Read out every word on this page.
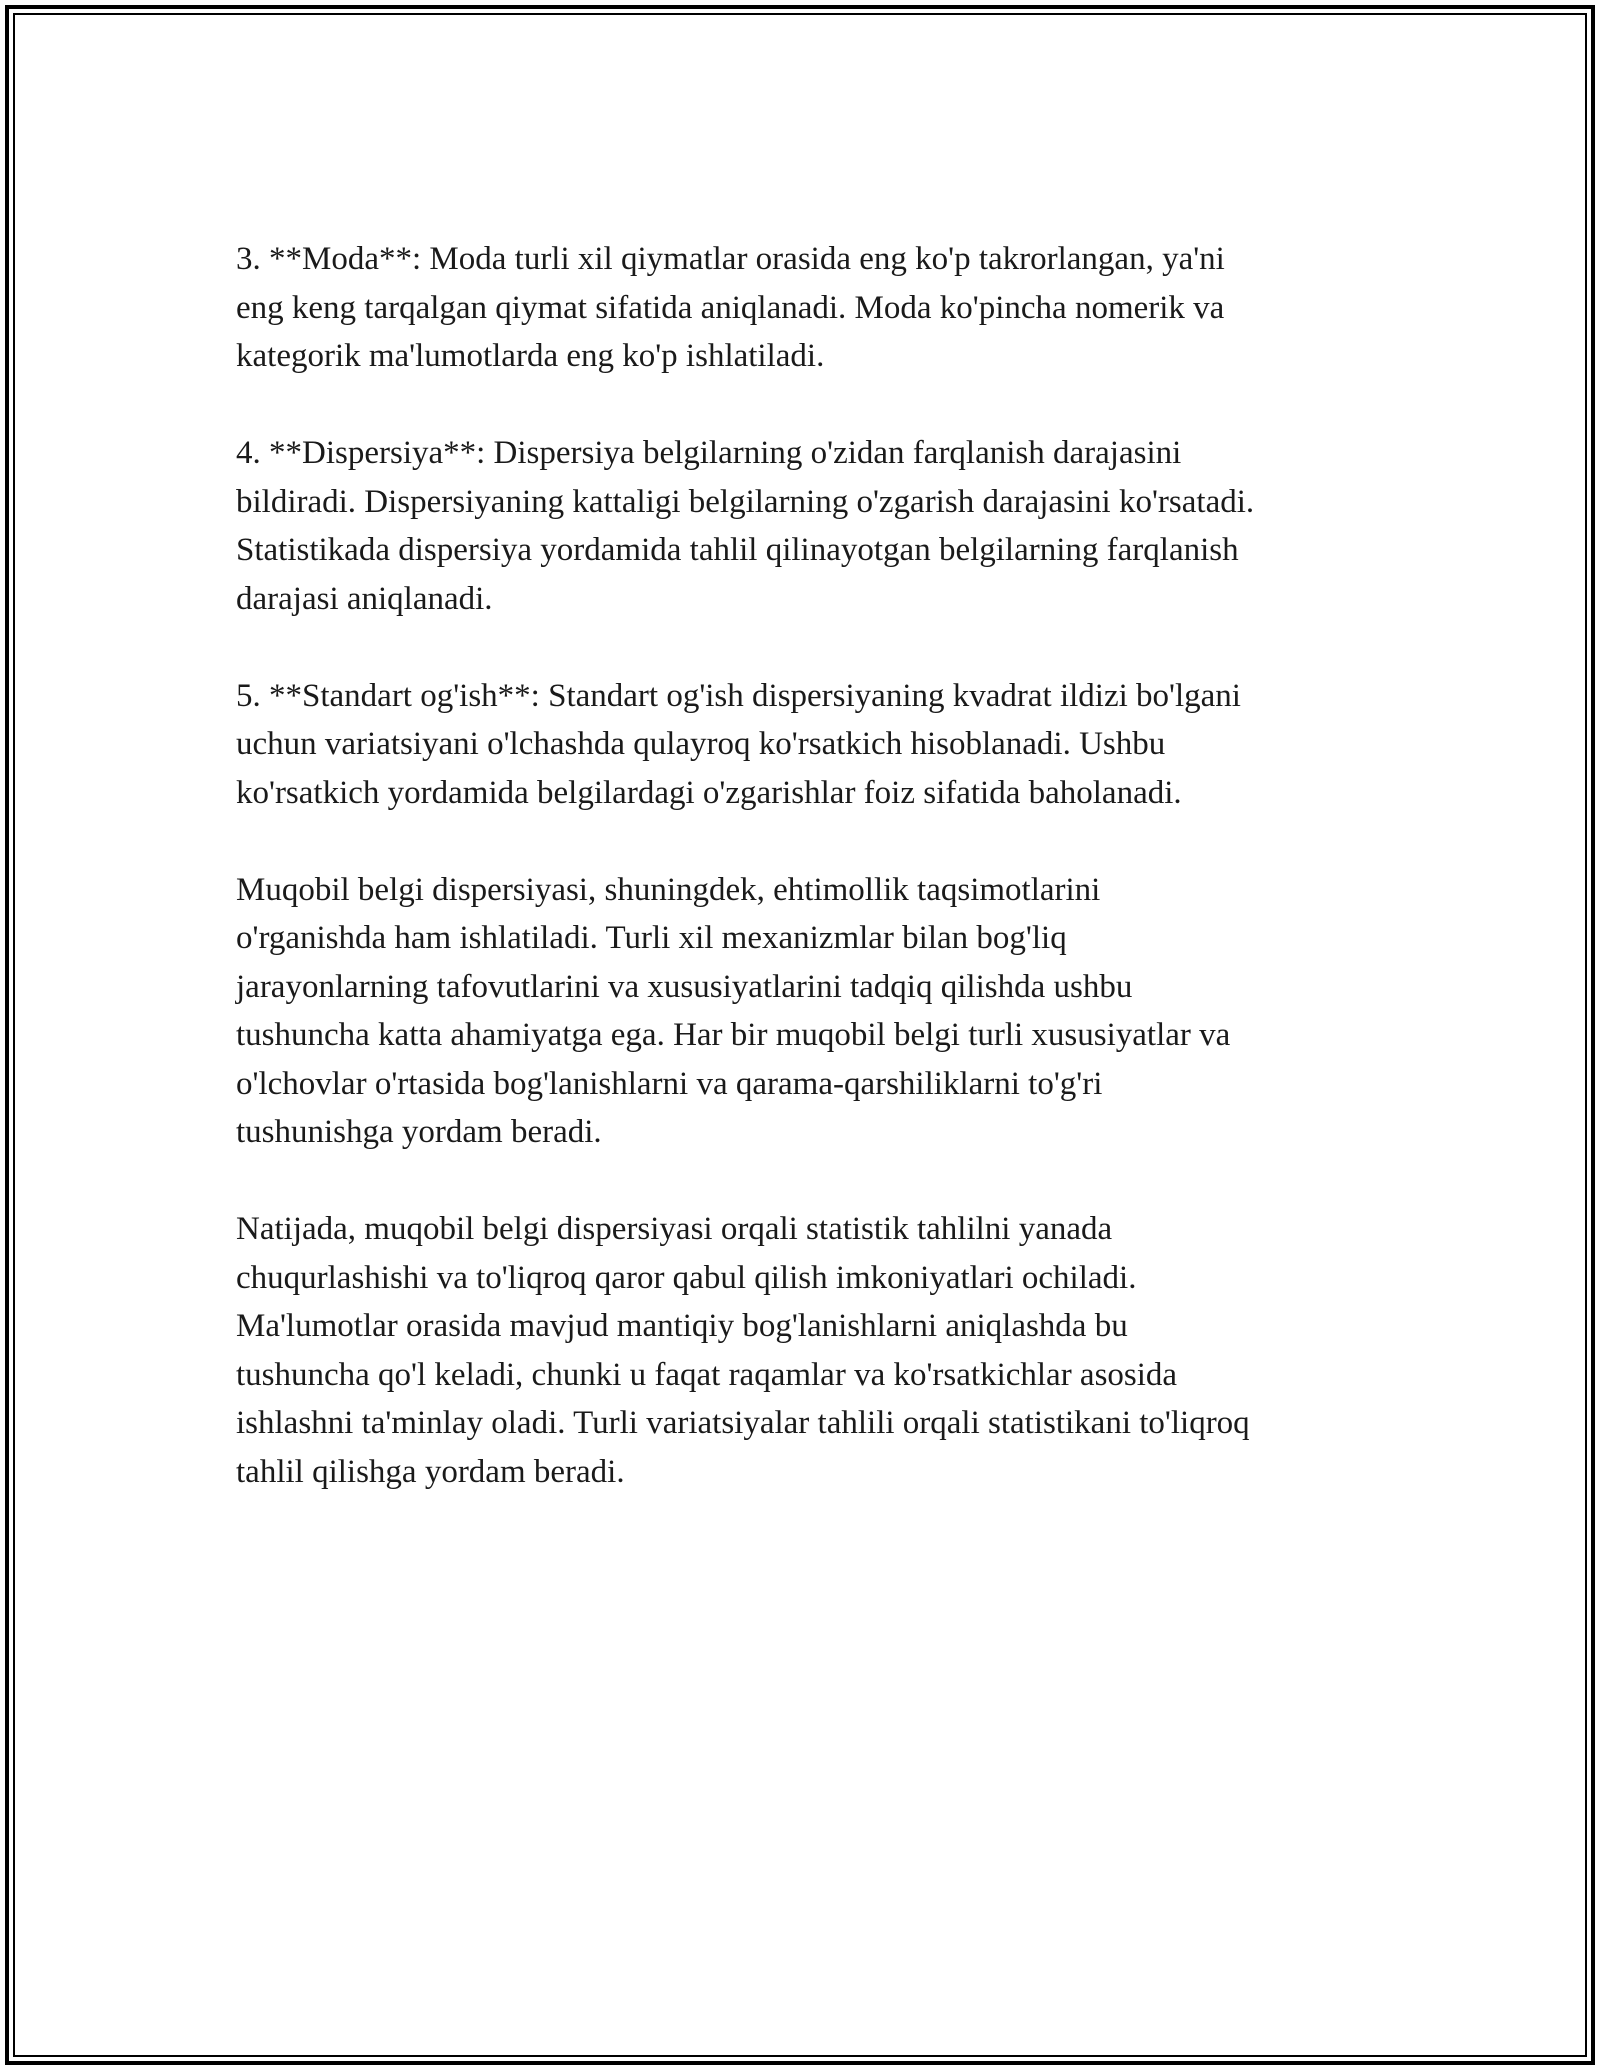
3. **Moda**: Moda turli xil qiymatlar orasida eng ko'p takrorlangan, ya'ni
eng keng tarqalgan qiymat sifatida aniqlanadi. Moda ko'pincha nomerik va
kategorik ma'lumotlarda eng ko'p ishlatiladi.

4. **Dispersiya**: Dispersiya belgilarning o'zidan farqlanish darajasini
bildiradi. Dispersiyaning kattaligi belgilarning o'zgarish darajasini ko'rsatadi.
Statistikada dispersiya yordamida tahlil qilinayotgan belgilarning farqlanish
darajasi aniqlanadi.

5. **Standart og'ish**: Standart og'ish dispersiyaning kvadrat ildizi bo'lgani
uchun variatsiyani o'lchashda qulayroq ko'rsatkich hisoblanadi. Ushbu
ko'rsatkich yordamida belgilardagi o'zgarishlar foiz sifatida baholanadi.

Muqobil belgi dispersiyasi, shuningdek, ehtimollik taqsimotlarini
o'rganishda ham ishlatiladi. Turli xil mexanizmlar bilan bog'liq
jarayonlarning tafovutlarini va xususiyatlarini tadqiq qilishda ushbu
tushuncha katta ahamiyatga ega. Har bir muqobil belgi turli xususiyatlar va
o'lchovlar o'rtasida bog'lanishlarni va qarama-qarshiliklarni to'g'ri
tushunishga yordam beradi.

Natijada, muqobil belgi dispersiyasi orqali statistik tahlilni yanada
chuqurlashishi va to'liqroq qaror qabul qilish imkoniyatlari ochiladi.
Ma'lumotlar orasida mavjud mantiqiy bog'lanishlarni aniqlashda bu
tushuncha qo'l keladi, chunki u faqat raqamlar va ko'rsatkichlar asosida
ishlashni ta'minlay oladi. Turli variatsiyalar tahlili orqali statistikani to'liqroq
tahlil qilishga yordam beradi.
